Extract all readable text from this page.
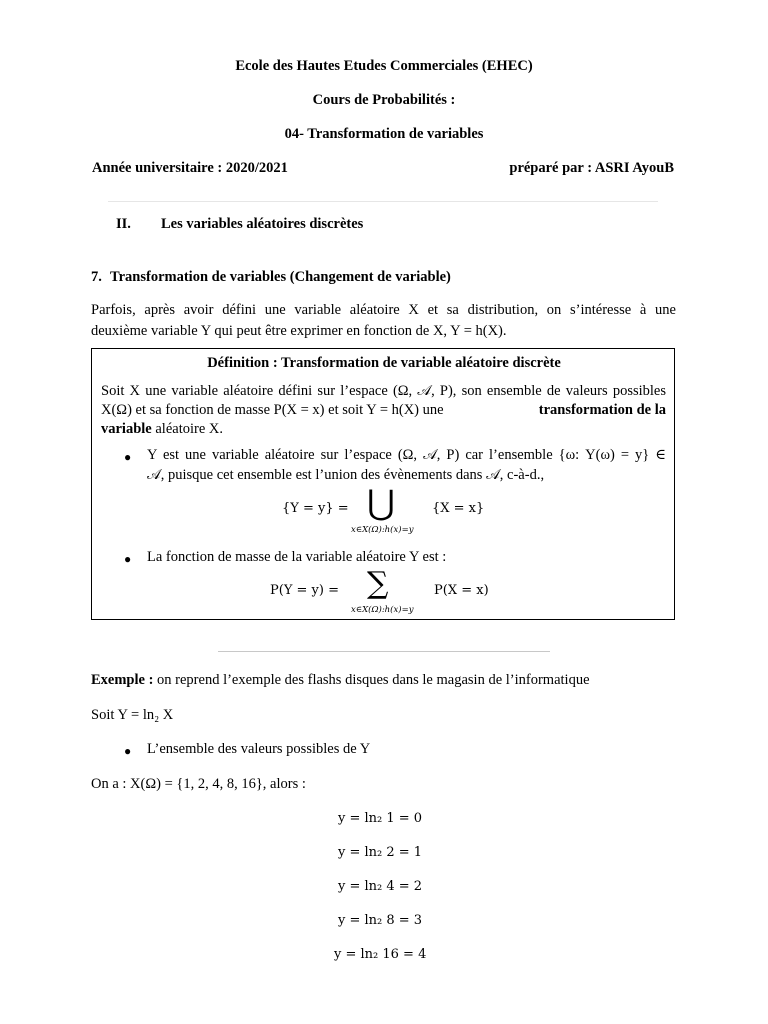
Ecole des Hautes Etudes Commerciales (EHEC)
Cours de Probabilités :
04- Transformation de variables
Année universitaire : 2020/2021	préparé par : ASRI AyouB
II. Les variables aléatoires discrètes
7. Transformation de variables (Changement de variable)
Parfois, après avoir défini une variable aléatoire X et sa distribution, on s’intéresse à une
deuxième variable Y qui peut être exprimer en fonction de X, Y = h(X).
Définition : Transformation de variable aléatoire discrète
Soit X une variable aléatoire défini sur l’espace (Ω, 𝒜, P), son ensemble de valeurs possibles
X(Ω) et sa fonction de masse P(X = x) et soit Y = h(X) une	transformation de la
variable aléatoire X.
● Y est une variable aléatoire sur l’espace (Ω, 𝒜, P) car l’ensemble {ω: Y(ω) = y} ∈
𝒜, puisque cet ensemble est l’union des évènements dans 𝒜, c-à-d.,
{Y = y} = ⋃
x∈X(Ω):h(x)=y
{X = x}
● La fonction de masse de la variable aléatoire Y est :
P(Y = y) = ∑
x∈X(Ω):h(x)=y
P(X = x)
Exemple : on reprend l’exemple des flashs disques dans le magasin de l’informatique
Soit Y = ln₂ X
● L’ensemble des valeurs possibles de Y
On a : X(Ω) = {1, 2, 4, 8, 16}, alors :
y = ln₂ 1 = 0
y = ln₂ 2 = 1
y = ln₂ 4 = 2
y = ln₂ 8 = 3
y = ln₂ 16 = 4
